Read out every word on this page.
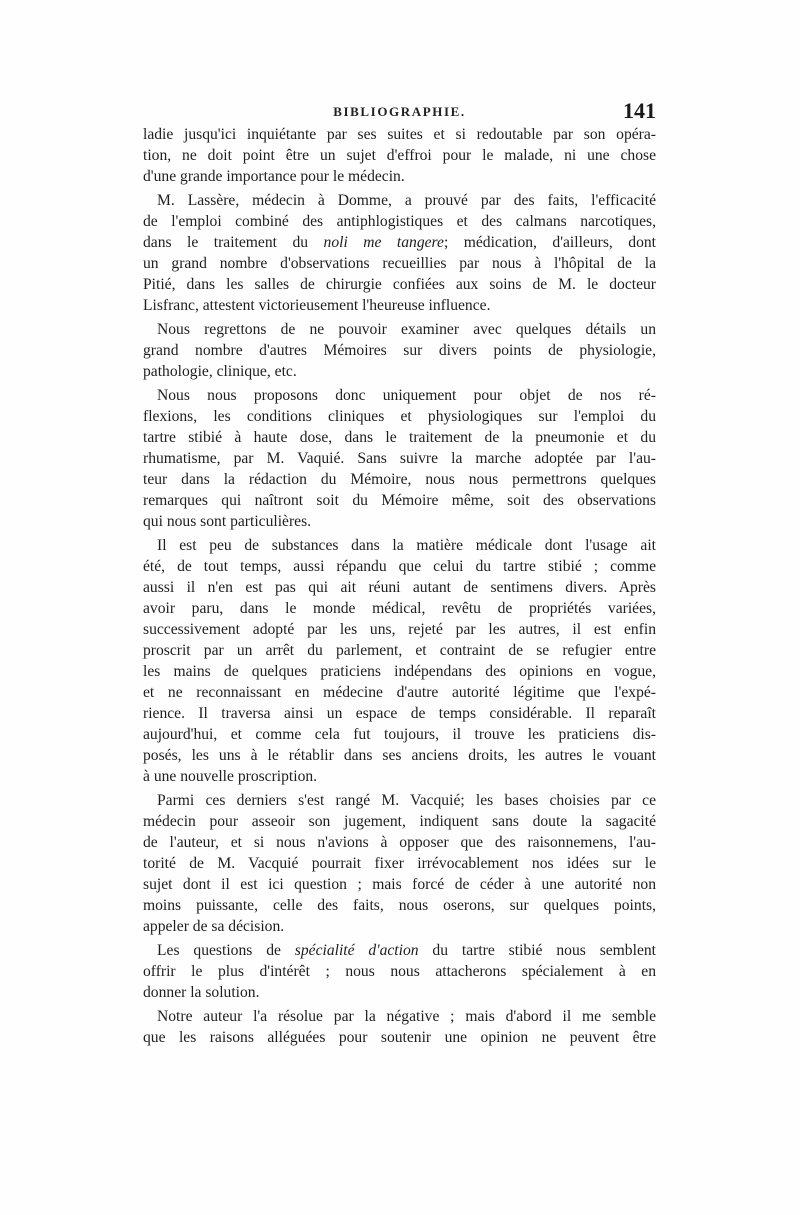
BIBLIOGRAPHIE.	141
ladie jusqu'ici inquiétante par ses suites et si redoutable par son opéra-
tion, ne doit point être un sujet d'effroi pour le malade, ni une chose
d'une grande importance pour le médecin.
M. Lassère, médecin à Domme, a prouvé par des faits, l'efficacité
de l'emploi combiné des antiphlogistiques et des calmans narcotiques,
dans le traitement du noli me tangere; médication, d'ailleurs, dont
un grand nombre d'observations recueillies par nous à l'hôpital de la
Pitié, dans les salles de chirurgie confiées aux soins de M. le docteur
Lisfranc, attestent victorieusement l'heureuse influence.
Nous regrettons de ne pouvoir examiner avec quelques détails un
grand nombre d'autres Mémoires sur divers points de physiologie,
pathologie, clinique, etc.
Nous nous proposons donc uniquement pour objet de nos ré-
flexions, les conditions cliniques et physiologiques sur l'emploi du
tartre stibié à haute dose, dans le traitement de la pneumonie et du
rhumatisme, par M. Vaquié. Sans suivre la marche adoptée par l'au-
teur dans la rédaction du Mémoire, nous nous permettrons quelques
remarques qui naîtront soit du Mémoire même, soit des observations
qui nous sont particulières.
Il est peu de substances dans la matière médicale dont l'usage ait
été, de tout temps, aussi répandu que celui du tartre stibié ; comme
aussi il n'en est pas qui ait réuni autant de sentimens divers. Après
avoir paru, dans le monde médical, revêtu de propriétés variées,
successivement adopté par les uns, rejeté par les autres, il est enfin
proscrit par un arrêt du parlement, et contraint de se refugier entre
les mains de quelques praticiens indépendans des opinions en vogue,
et ne reconnaissant en médecine d'autre autorité légitime que l'expé-
rience. Il traversa ainsi un espace de temps considérable. Il reparaît
aujourd'hui, et comme cela fut toujours, il trouve les praticiens dis-
posés, les uns à le rétablir dans ses anciens droits, les autres le vouant
à une nouvelle proscription.
Parmi ces derniers s'est rangé M. Vacquié; les bases choisies par ce
médecin pour asseoir son jugement, indiquent sans doute la sagacité
de l'auteur, et si nous n'avions à opposer que des raisonnemens, l'au-
torité de M. Vacquié pourrait fixer irrévocablement nos idées sur le
sujet dont il est ici question ; mais forcé de céder à une autorité non
moins puissante, celle des faits, nous oserons, sur quelques points,
appeler de sa décision.
Les questions de spécialité d'action du tartre stibié nous semblent
offrir le plus d'intérêt ; nous nous attacherons spécialement à en
donner la solution.
Notre auteur l'a résolue par la négative ; mais d'abord il me semble
que les raisons alléguées pour soutenir une opinion ne peuvent être
